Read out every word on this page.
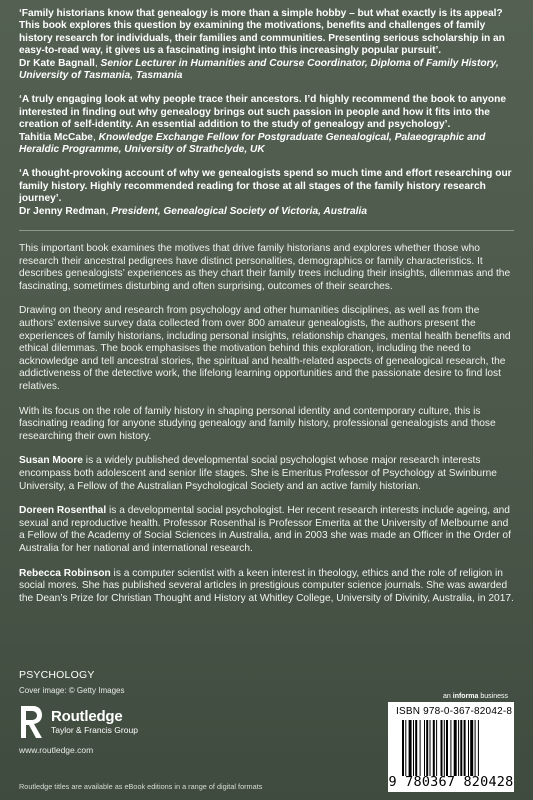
‘Family historians know that genealogy is more than a simple hobby – but what exactly is its appeal? This book explores this question by examining the motivations, benefits and challenges of family history research for individuals, their families and communities. Presenting serious scholarship in an easy-to-read way, it gives us a fascinating insight into this increasingly popular pursuit’.
Dr Kate Bagnall, Senior Lecturer in Humanities and Course Coordinator, Diploma of Family History, University of Tasmania, Tasmania
‘A truly engaging look at why people trace their ancestors. I’d highly recommend the book to anyone interested in finding out why genealogy brings out such passion in people and how it fits into the creation of self-identity. An essential addition to the study of genealogy and psychology’.
Tahitia McCabe, Knowledge Exchange Fellow for Postgraduate Genealogical, Palaeographic and Heraldic Programme, University of Strathclyde, UK
‘A thought-provoking account of why we genealogists spend so much time and effort researching our family history. Highly recommended reading for those at all stages of the family history research journey’.
Dr Jenny Redman, President, Genealogical Society of Victoria, Australia

This important book examines the motives that drive family historians and explores whether those who research their ancestral pedigrees have distinct personalities, demographics or family characteristics. It describes genealogists’ experiences as they chart their family trees including their insights, dilemmas and the fascinating, sometimes disturbing and often surprising, outcomes of their searches.

Drawing on theory and research from psychology and other humanities disciplines, as well as from the authors’ extensive survey data collected from over 800 amateur genealogists, the authors present the experiences of family historians, including personal insights, relationship changes, mental health benefits and ethical dilemmas. The book emphasises the motivation behind this exploration, including the need to acknowledge and tell ancestral stories, the spiritual and health-related aspects of genealogical research, the addictiveness of the detective work, the lifelong learning opportunities and the passionate desire to find lost relatives.

With its focus on the role of family history in shaping personal identity and contemporary culture, this is fascinating reading for anyone studying genealogy and family history, professional genealogists and those researching their own history.

Susan Moore is a widely published developmental social psychologist whose major research interests encompass both adolescent and senior life stages. She is Emeritus Professor of Psychology at Swinburne University, a Fellow of the Australian Psychological Society and an active family historian.

Doreen Rosenthal is a developmental social psychologist. Her recent research interests include ageing, and sexual and reproductive health. Professor Rosenthal is Professor Emerita at the University of Melbourne and a Fellow of the Academy of Social Sciences in Australia, and in 2003 she was made an Officer in the Order of Australia for her national and international research.

Rebecca Robinson is a computer scientist with a keen interest in theology, ethics and the role of religion in social mores. She has published several articles in prestigious computer science journals. She was awarded the Dean’s Prize for Christian Thought and History at Whitley College, University of Divinity, Australia, in 2017.

PSYCHOLOGY
Cover image: © Getty Images
Routledge
Taylor & Francis Group
www.routledge.com
Routledge titles are available as eBook editions in a range of digital formats
an informa business
ISBN 978-0-367-82042-8
9 780367 820428
